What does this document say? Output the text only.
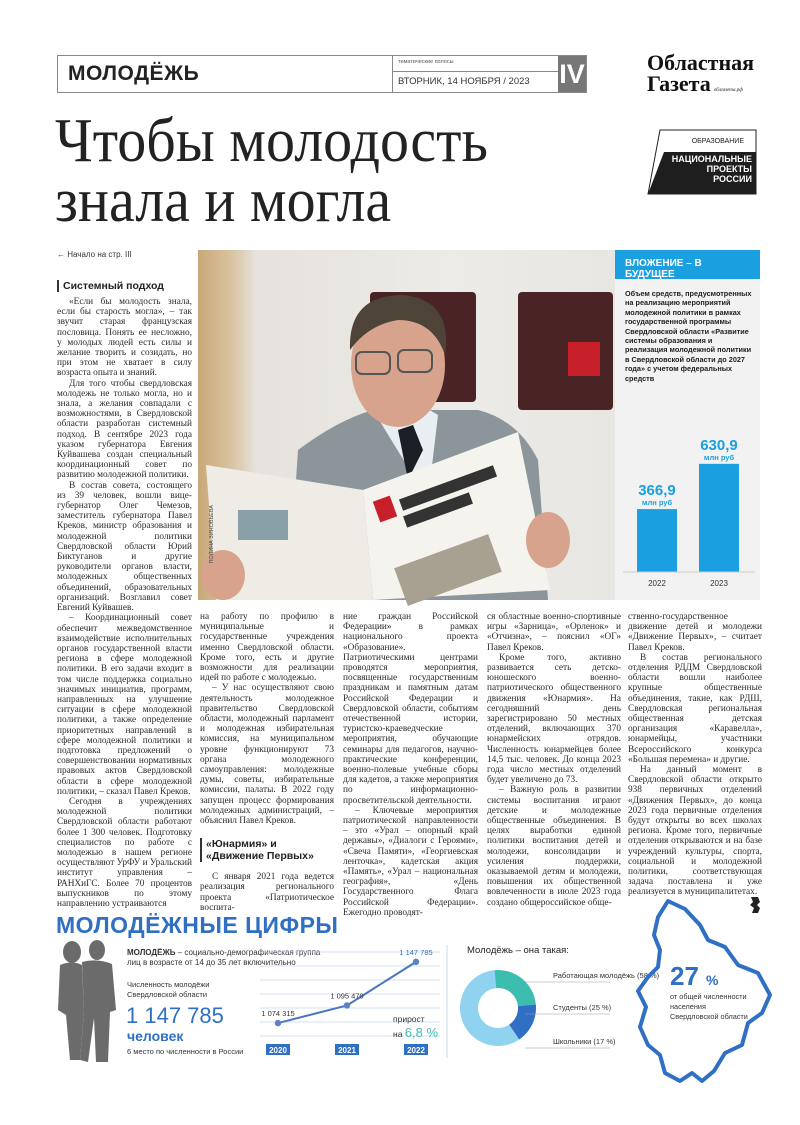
МОЛОДЁЖЬ	тематические полосы
ВТОРНИК, 14 НОЯБРЯ / 2023	IV	Областная
Газета облгазета.рф
Чтобы молодость
знала и могла
ОБРАЗОВАНИЕ
НАЦИОНАЛЬНЫЕ
ПРОЕКТЫ
РОССИИ
← Начало на стр. III
Системный подход

«Если бы молодость знала, если бы старость могла», – так звучит старая французская пословица. Понять ее несложно, у молодых людей есть силы и желание творить и созидать, но при этом не хватает в силу возраста опыта и знаний.

Для того чтобы свердловская молодежь не только могла, но и знала, а желания совпадали с возможностями, в Свердловской области разработан системный подход. В сентябре 2023 года указом губернатора Евгения Куйвашева создан специальный координационный совет по развитию молодежной политики.

В состав совета, состоящего из 39 человек, вошли вице-губернатор Олег Чемезов, заместитель губернатора Павел Креков, министр образования и молодежной политики Свердловской области Юрий Биктуганов и другие руководители органов власти, молодежных общественных объединений, образовательных организаций. Возглавил совет Евгений Куйвашев.

– Координационный совет обеспечит межведомственное взаимодействие исполнительных органов государственной власти региона в сфере молодежной политики. В его задачи входит в том числе поддержка социально значимых инициатив, программ, направленных на улучшение ситуации в сфере молодежной политики, а также определение приоритетных направлений в сфере молодежной политики и подготовка предложений о совершенствовании нормативных правовых актов Свердловской области в сфере молодежной политики, – сказал Павел Креков.

Сегодня в учреждениях молодежной политики Свердловской области работают более 1 300 человек. Подготовку специалистов по работе с молодежью в нашем регионе осуществляют УрФУ и Уральский институт управления – РАНХиГС. Более 70 процентов выпускников по этому направлению устраиваются

ПОЛИНА ЗИНОВЬЕВА
ВЛОЖЕНИЕ – В БУДУЩЕЕ
Объем средств, предусмотренных на реализацию мероприятий молодежной политики в рамках государственной программы Свердловской области «Развитие системы образования и реализация молодежной политики в Свердловской области до 2027 года» с учетом федеральных средств
366,9
млн руб
2022
630,9
млн руб
2023

на работу по профилю в муниципальные и государственные учреждения именно Свердловской области. Кроме того, есть и другие возможности для реализации идей по работе с молодежью.

– У нас осуществляют свою деятельность молодежное правительство Свердловской области, молодежный парламент и молодежная избирательная комиссия, на муниципальном уровне функционируют 73 органа молодежного самоуправления: молодежные думы, советы, избирательные комиссии, палаты. В 2022 году запущен процесс формирования молодежных администраций, – объяснил Павел Креков.

«Юнармия» и «Движение Первых»

С января 2021 года ведется реализация регионального проекта «Патриотическое воспита-

ние граждан Российской Федерации» в рамках национального проекта «Образование». Патриотическими центрами проводятся мероприятия, посвященные государственным праздникам и памятным датам Российской Федерации и Свердловской области, событиям отечественной истории, туристско-краеведческие мероприятия, обучающие семинары для педагогов, научно-практические конференции, военно-полевые учебные сборы для кадетов, а также мероприятия по информационно-просветительской деятельности.

– Ключевые мероприятия патриотической направленности – это «Урал – опорный край державы», «Диалоги с Героями», «Свеча Памяти», «Георгиевская ленточка», кадетская акция «Память», «Урал – национальная география», «День Государственного Флага Российской Федерации». Ежегодно проводят-

ся областные военно-спортивные игры «Зарница», «Орленок» и «Отчизна», – пояснил «ОГ» Павел Креков.

Кроме того, активно развивается сеть детско-юношеского военно-патриотического общественного движения «Юнармия». На сегодняшний день зарегистрировано 50 местных отделений, включающих 370 юнармейских отрядов. Численность юнармейцев более 14,5 тыс. человек. До конца 2023 года число местных отделений будет увеличено до 73.

– Важную роль в развитии системы воспитания играют детские и молодежные общественные объединения. В целях выработки единой политики воспитания детей и молодежи, консолидации и усиления поддержки, оказываемой детям и молодежи, повышения их общественной вовлеченности в июле 2023 года создано общероссийское обще-

ственно-государственное движение детей и молодежи «Движение Первых», – считает Павел Креков.

В состав регионального отделения РДДМ Свердловской области вошли наиболее крупные общественные объединения, такие, как РДШ, Свердловская региональная общественная детская организация «Каравелла», юнармейцы, участники Всероссийского конкурса «Большая перемена» и другие.

На данный момент в Свердловской области открыто 938 первичных отделений «Движения Первых», до конца 2023 года первичные отделения будут открыты во всех школах региона. Кроме того, первичные отделения открываются и на базе учреждений культуры, спорта, социальной и молодежной политики, соответствующая задача поставлена и уже реализуется в муниципалитетах.

МОЛОДЁЖНЫЕ ЦИФРЫ
МОЛОДЁЖЬ – социально-демографическая группа лиц в возрасте от 14 до 35 лет включительно
Численность молодёжи Свердловской области
1 147 785
человек
6 место по численности в России
1 074 315
2020
1 095 470
2021
1 147 785
2022
прирост
на 6,8 %
Молодёжь – она такая:
Работающая молодёжь (58 %)
Студенты (25 %)
Школьники (17 %)
27 %
от общей численности населения Свердловской области
